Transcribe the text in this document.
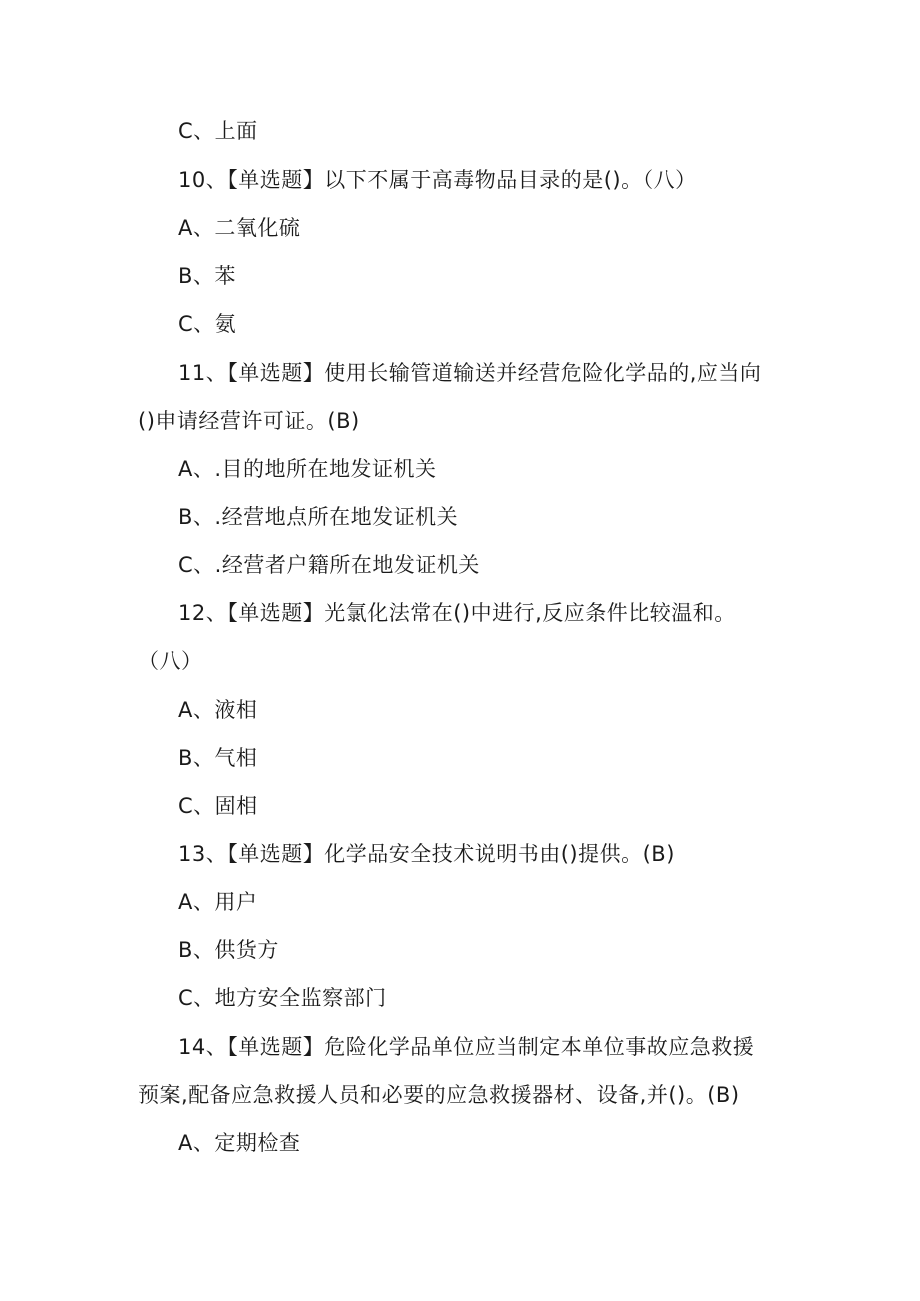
C、上面
10、【单选题】以下不属于高毒物品目录的是()。（八）
A、二氧化硫
B、苯
C、氨
11、【单选题】使用长输管道输送并经营危险化学品的,应当向
()申请经营许可证。(B)
A、.目的地所在地发证机关
B、.经营地点所在地发证机关
C、.经营者户籍所在地发证机关
12、【单选题】光氯化法常在()中进行,反应条件比较温和。
（八）
A、液相
B、气相
C、固相
13、【单选题】化学品安全技术说明书由()提供。(B)
A、用户
B、供货方
C、地方安全监察部门
14、【单选题】危险化学品单位应当制定本单位事故应急救援
预案,配备应急救援人员和必要的应急救援器材、设备,并()。(B)
A、定期检查
